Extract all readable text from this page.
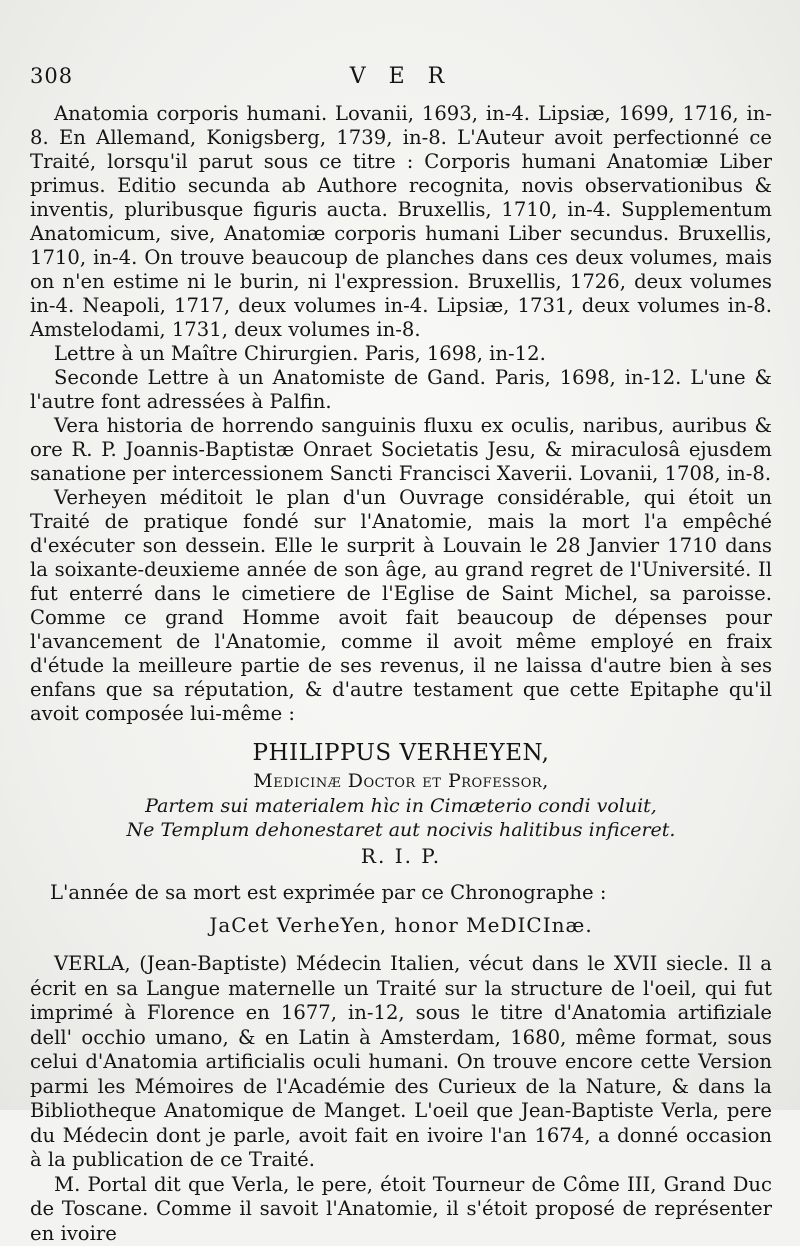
308	V E R

Anatomia corporis humani. Lovanii, 1693, in-4. Lipsiæ, 1699, 1716, in-8. En Allemand, Konigsberg, 1739, in-8. L'Auteur avoit perfectionné ce Traité, lorsqu'il parut sous ce titre : Corporis humani Anatomiæ Liber primus. Editio secunda ab Authore recognita, novis observationibus & inventis, pluribusque figuris aucta. Bruxellis, 1710, in-4. Supplementum Anatomicum, sive, Anatomiæ corporis humani Liber secundus. Bruxellis, 1710, in-4. On trouve beaucoup de planches dans ces deux volumes, mais on n'en estime ni le burin, ni l'expression. Bruxellis, 1726, deux volumes in-4. Neapoli, 1717, deux volumes in-4. Lipsiæ, 1731, deux volumes in-8. Amstelodami, 1731, deux volumes in-8.

Lettre à un Maître Chirurgien. Paris, 1698, in-12.

Seconde Lettre à un Anatomiste de Gand. Paris, 1698, in-12. L'une & l'autre font adressées à Palfin.

Vera historia de horrendo sanguinis fluxu ex oculis, naribus, auribus & ore R. P. Joannis-Baptistæ Onraet Societatis Jesu, & miraculosâ ejusdem sanatione per intercessionem Sancti Francisci Xaverii. Lovanii, 1708, in-8.

Verheyen méditoit le plan d'un Ouvrage considérable, qui étoit un Traité de pratique fondé sur l'Anatomie, mais la mort l'a empêché d'exécuter son dessein. Elle le surprit à Louvain le 28 Janvier 1710 dans la soixante-deuxieme année de son âge, au grand regret de l'Université. Il fut enterré dans le cimetiere de l'Eglise de Saint Michel, sa paroisse. Comme ce grand Homme avoit fait beaucoup de dépenses pour l'avancement de l'Anatomie, comme il avoit même employé en fraix d'étude la meilleure partie de ses revenus, il ne laissa d'autre bien à ses enfans que sa réputation, & d'autre testament que cette Epitaphe qu'il avoit composée lui-même :

PHILIPPUS VERHEYEN,
Medicinæ Doctor et Professor,
Partem sui materialem hìc in Cimæterio condi voluit,
Ne Templum dehonestaret aut nocivis halitibus inficeret.
R. I. P.

L'année de sa mort est exprimée par ce Chronographe :

JaCet VerheYen, honor MeDICInæ.

VERLA, (Jean-Baptiste) Médecin Italien, vécut dans le XVII siecle. Il a écrit en sa Langue maternelle un Traité sur la structure de l'oeil, qui fut imprimé à Florence en 1677, in-12, sous le titre d'Anatomia artifiziale dell' occhio umano, & en Latin à Amsterdam, 1680, même format, sous celui d'Anatomia artificialis oculi humani. On trouve encore cette Version parmi les Mémoires de l'Académie des Curieux de la Nature, & dans la Bibliotheque Anatomique de Manget. L'oeil que Jean-Baptiste Verla, pere du Médecin dont je parle, avoit fait en ivoire l'an 1674, a donné occasion à la publication de ce Traité.

M. Portal dit que Verla, le pere, étoit Tourneur de Côme III, Grand Duc de Toscane. Comme il savoit l'Anatomie, il s'étoit proposé de représenter en ivoire
